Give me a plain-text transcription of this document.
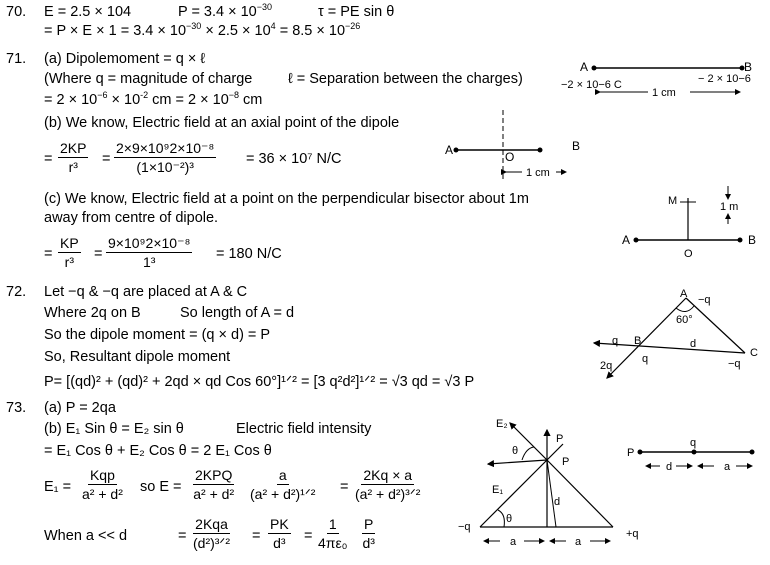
70. E = 2.5 × 104	$P = 3.4 \times 10^{-30}$	τ = PE sin θ
= $P \times E \times 1 = 3.4 \times 10^{-30} \times 2.5 \times 10^4 = 8.5 \times 10^{-26}$
71. (a) Dipolemoment = q × ℓ
(Where q = magnitude of charge ℓ = Separation between the charges)
= $2 \times 10^{-6} \times 10^{-2}$ cm = $2 \times 10^{-8}$ cm
(b) We know, Electric field at an axial point of the dipole
= $\frac{2KP}{\text{r³}} = \frac{\text{2×9×10⁹2×10⁻⁸}}{\text{(1×10⁻²)³}} = 36 \times 10^7$ N/C
(c) We know, Electric field at a point on the perpendicular bisector about 1m
away from centre of dipole.
= $\frac{KP}{\text{r³}} = \frac{\text{9×10⁹2×10⁻⁸}}{\text{1³}} = 180$ N/C
72. Let −q & −q are placed at A & C
Where 2q on B	So length of A = d
So the dipole moment = (q × d) = P
So, Resultant dipole moment
P= [(qd)² + (qd)² + 2qd × qd Cos 60°]¹ᐟ² = [3 q²d²]¹ᐟ² = √3 qd = √3 P
73. (a) P = 2qa
(b) E₁ Sin θ = E₂ sin θ	Electric field intensity
= E₁ Cos θ + E₂ Cos θ = 2 E₁ Cos θ
E₁ =
Kqp
a² + d² so E =
2KPQ
a² + d²
a
(a² + d²)¹ᐟ² =
2Kq × a
(a² + d²)³ᐟ²
When a << d	=
2Kqa
(d²)³ᐟ² = $\frac{PK}{\text{d³}} = \frac{1}{\text{4πε₀}} \frac{P}{\text{d³}}$
A	B
−2 × 10−6 C	− 2 × 10−6
1 cm
A	B
O
1 cm
A	B
M
O
1 m
A −q
60°
q B
q
d
C
−q
2q
E₂
P
θ
P
E₁
d
θ
−q
+q
a	a
P
q
d	a
